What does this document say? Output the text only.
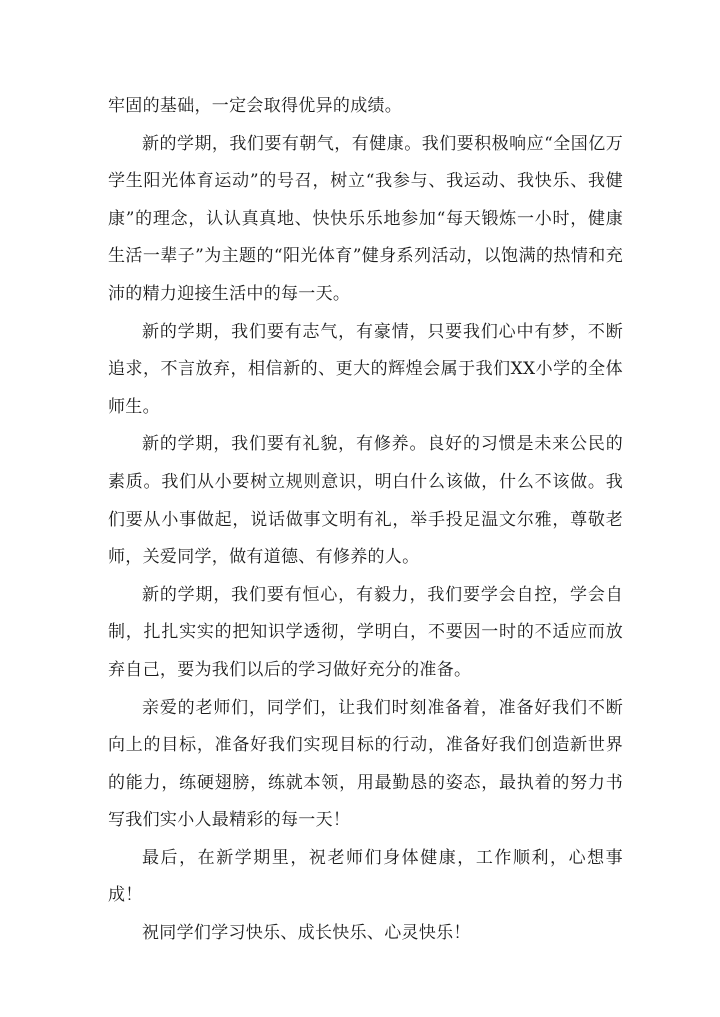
牢固的基础，一定会取得优异的成绩。

新的学期，我们要有朝气，有健康。我们要积极响应“全国亿万学生阳光体育运动”的号召，树立“我参与、我运动、我快乐、我健康”的理念，认认真真地、快快乐乐地参加“每天锻炼一小时，健康生活一辈子”为主题的“阳光体育”健身系列活动，以饱满的热情和充沛的精力迎接生活中的每一天。

新的学期，我们要有志气，有豪情，只要我们心中有梦，不断追求，不言放弃，相信新的、更大的辉煌会属于我们XX小学的全体师生。

新的学期，我们要有礼貌，有修养。良好的习惯是未来公民的素质。我们从小要树立规则意识，明白什么该做，什么不该做。我们要从小事做起，说话做事文明有礼，举手投足温文尔雅，尊敬老师，关爱同学，做有道德、有修养的人。

新的学期，我们要有恒心，有毅力，我们要学会自控，学会自制，扎扎实实的把知识学透彻，学明白，不要因一时的不适应而放弃自己，要为我们以后的学习做好充分的准备。

亲爱的老师们，同学们，让我们时刻准备着，准备好我们不断向上的目标，准备好我们实现目标的行动，准备好我们创造新世界的能力，练硬翅膀，练就本领，用最勤恳的姿态，最执着的努力书写我们实小人最精彩的每一天！

最后，在新学期里，祝老师们身体健康，工作顺利，心想事成！

祝同学们学习快乐、成长快乐、心灵快乐！
